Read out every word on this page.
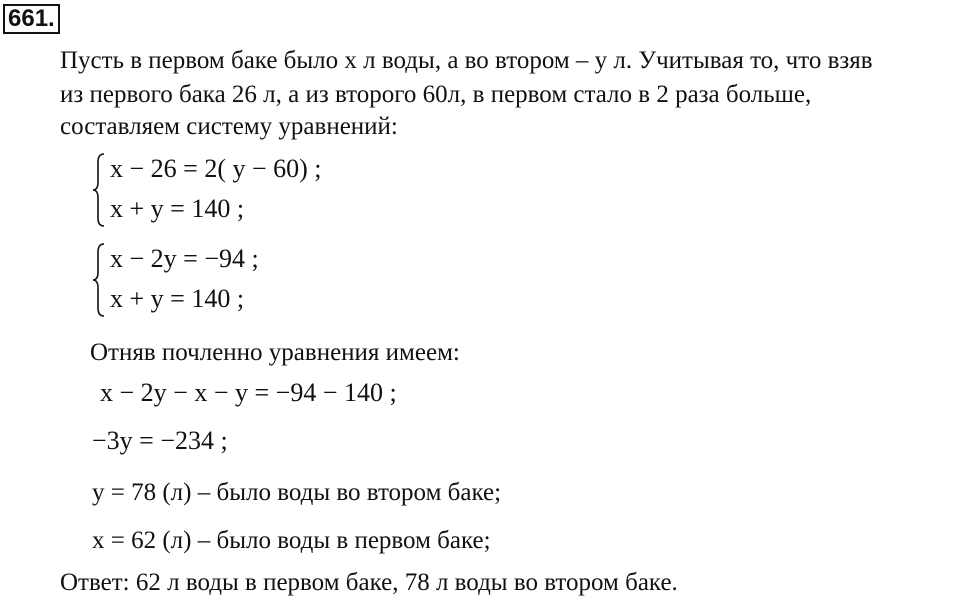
661.
Пусть в первом баке было x л воды, а во втором – y л. Учитывая то, что взяв
из первого бака 26 л, а из второго 60л, в первом стало в 2 раза больше,
составляем систему уравнений:
x − 26 = 2( y − 60) ;
x + y = 140 ;
x − 2y = −94 ;
x + y = 140 ;
Отняв почленно уравнения имеем:
x − 2y − x − y = −94 − 140 ;
−3y = −234 ;
y = 78 (л) – было воды во втором баке;
x = 62 (л) – было воды в первом баке;
Ответ: 62 л воды в первом баке, 78 л воды во втором баке.
